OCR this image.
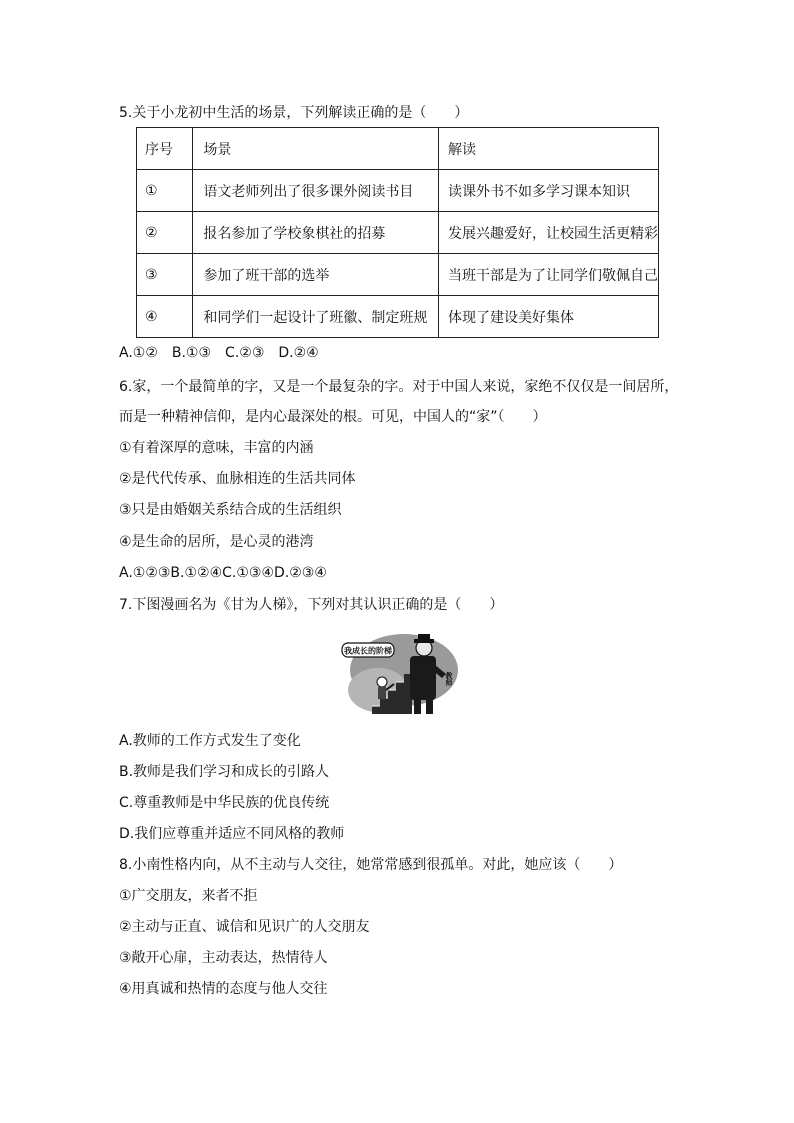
5.关于小龙初中生活的场景，下列解读正确的是（　　）
序号	场景	解读
①	语文老师列出了很多课外阅读书目	读课外书不如多学习课本知识
②	报名参加了学校象棋社的招募	发展兴趣爱好，让校园生活更精彩
③	参加了班干部的选举	当班干部是为了让同学们敬佩自己
④	和同学们一起设计了班徽、制定班规	体现了建设美好集体
A.①②　B.①③　C.②③　D.②④
6.家，一个最简单的字，又是一个最复杂的字。对于中国人来说，家绝不仅仅是一间居所，
而是一种精神信仰，是内心最深处的根。可见，中国人的“家”（　　）
①有着深厚的意味，丰富的内涵
②是代代传承、血脉相连的生活共同体
③只是由婚姻关系结合成的生活组织
④是生命的居所，是心灵的港湾
A.①②③B.①②④C.①③④D.②③④
7.下图漫画名为《甘为人梯》，下列对其认识正确的是（　　）
我成长的阶梯
教师
A.教师的工作方式发生了变化
B.教师是我们学习和成长的引路人
C.尊重教师是中华民族的优良传统
D.我们应尊重并适应不同风格的教师
8.小南性格内向，从不主动与人交往，她常常感到很孤单。对此，她应该（　　）
①广交朋友，来者不拒
②主动与正直、诚信和见识广的人交朋友
③敞开心扉，主动表达，热情待人
④用真诚和热情的态度与他人交往
